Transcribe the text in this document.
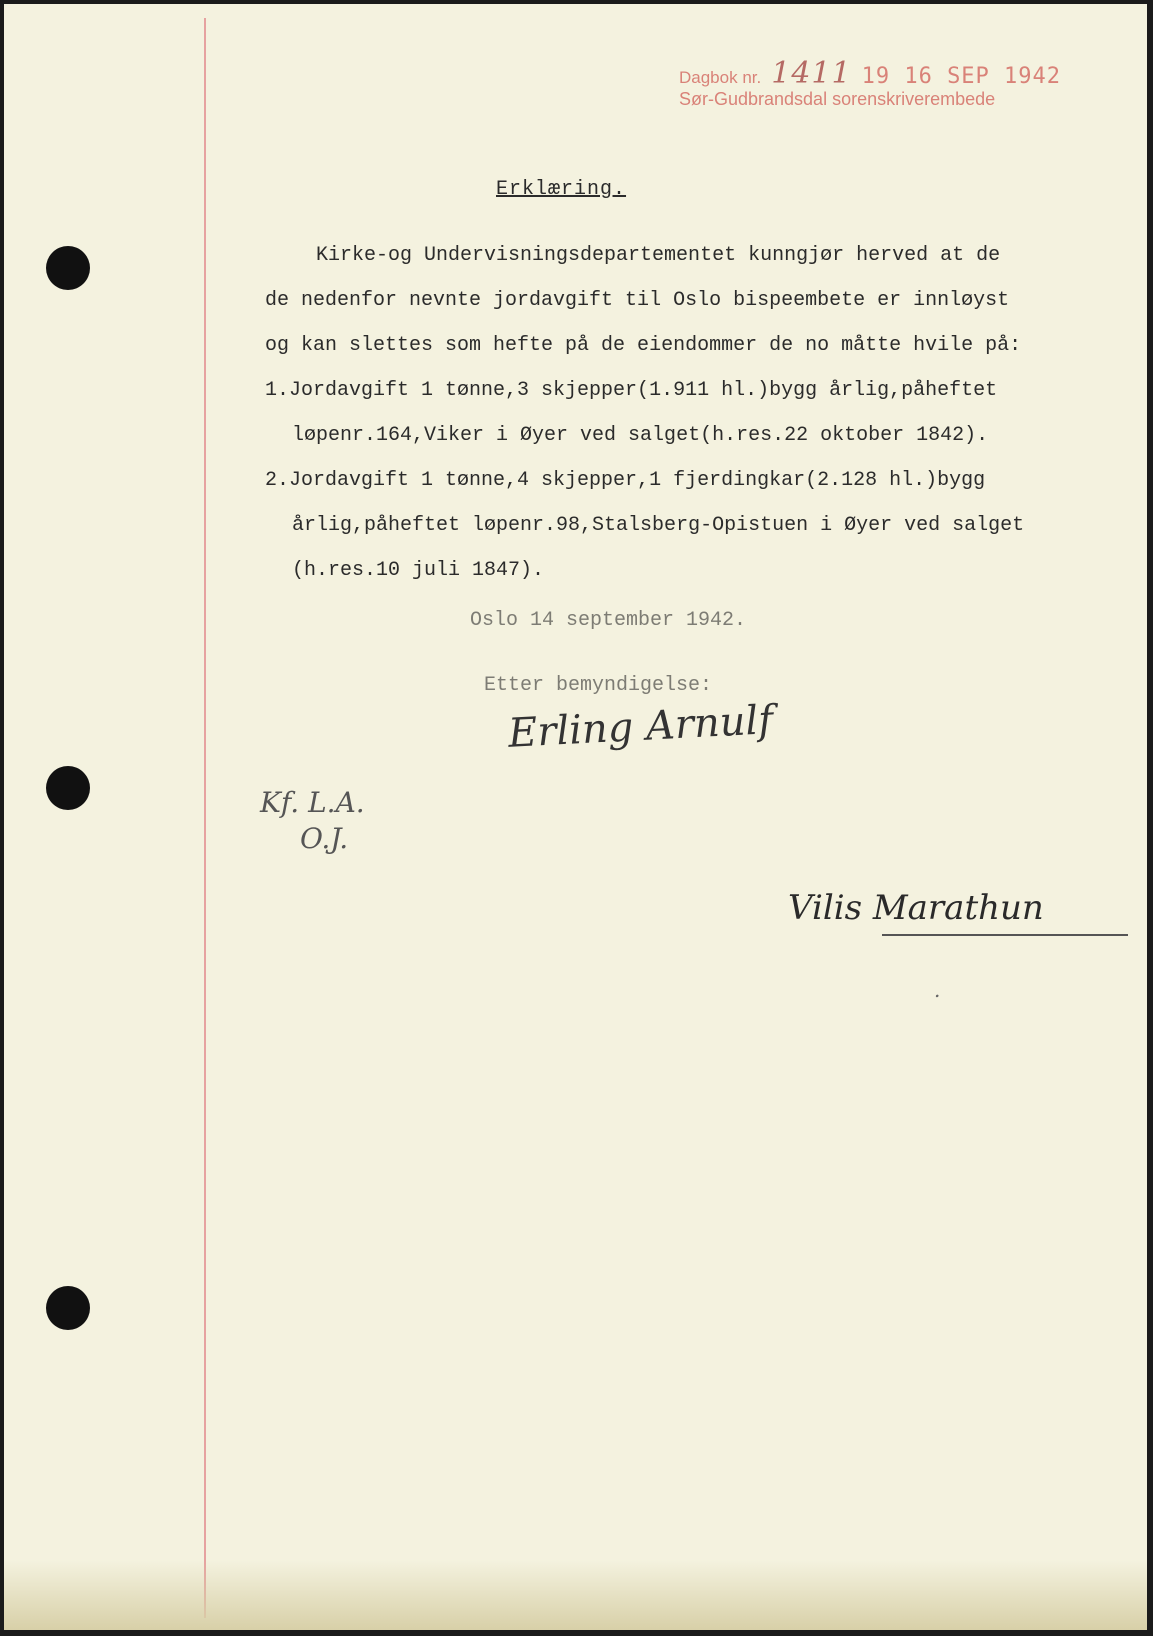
Dagbok nr. 1411 19 16 SEP 1942
Sør-Gudbrandsdal sorenskriverembede
Erklæring.
Kirke-og Undervisningsdepartementet kunngjør herved at de
de nedenfor nevnte jordavgift til Oslo bispeembete er innløyst
og kan slettes som hefte på de eiendommer de no måtte hvile på:
1.Jordavgift 1 tønne,3 skjepper(1.911 hl.)bygg årlig,påheftet
løpenr.164,Viker i Øyer ved salget(h.res.22 oktober 1842).
2.Jordavgift 1 tønne,4 skjepper,1 fjerdingkar(2.128 hl.)bygg
årlig,påheftet løpenr.98,Stalsberg-Opistuen i Øyer ved salget
(h.res.10 juli 1847).
Oslo 14 september 1942.
Etter bemyndigelse:
Erling Arnulf
Kf. L.A.
O.J.
Vilis Marathun
.
